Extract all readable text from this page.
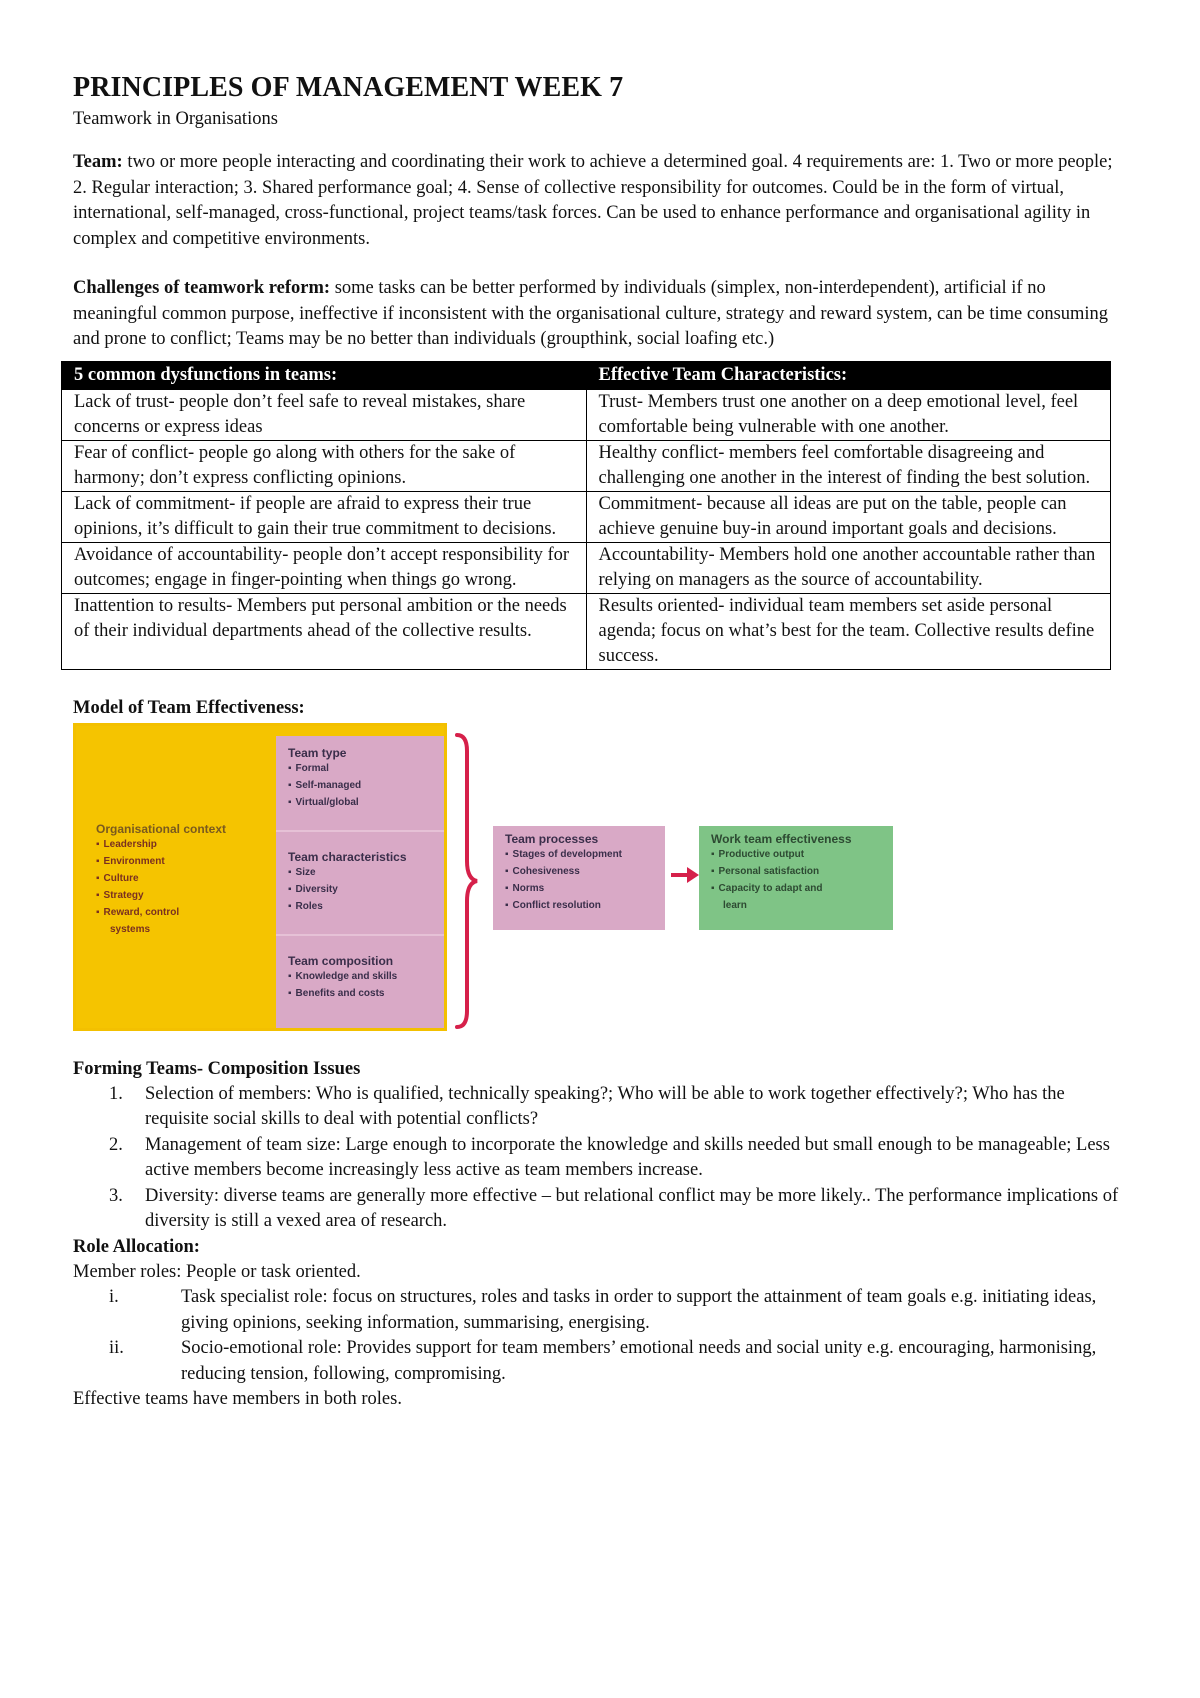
PRINCIPLES OF MANAGEMENT WEEK 7
Teamwork in Organisations

Team: two or more people interacting and coordinating their work to achieve a determined goal. 4 requirements are: 1. Two or more people; 2. Regular interaction; 3. Shared performance goal; 4. Sense of collective responsibility for outcomes. Could be in the form of virtual, international, self-managed, cross-functional, project teams/task forces. Can be used to enhance performance and organisational agility in complex and competitive environments.

Challenges of teamwork reform: some tasks can be better performed by individuals (simplex, non-interdependent), artificial if no meaningful common purpose, ineffective if inconsistent with the organisational culture, strategy and reward system, can be time consuming and prone to conflict; Teams may be no better than individuals (groupthink, social loafing etc.)

5 common dysfunctions in teams:	Effective Team Characteristics:
Lack of trust- people don’t feel safe to reveal mistakes, share concerns or express ideas	Trust- Members trust one another on a deep emotional level, feel comfortable being vulnerable with one another.
Fear of conflict- people go along with others for the sake of harmony; don’t express conflicting opinions.	Healthy conflict- members feel comfortable disagreeing and challenging one another in the interest of finding the best solution.
Lack of commitment- if people are afraid to express their true opinions, it’s difficult to gain their true commitment to decisions.	Commitment- because all ideas are put on the table, people can achieve genuine buy-in around important goals and decisions.
Avoidance of accountability- people don’t accept responsibility for outcomes; engage in finger-pointing when things go wrong.	Accountability- Members hold one another accountable rather than relying on managers as the source of accountability.
Inattention to results- Members put personal ambition or the needs of their individual departments ahead of the collective results.	Results oriented- individual team members set aside personal agenda; focus on what’s best for the team. Collective results define success.
Model of Team Effectiveness:
Organisational context
▪ Leadership
▪ Environment
▪ Culture
▪ Strategy
▪ Reward, control
systems
Team type
▪ Formal
▪ Self-managed
▪ Virtual/global
Team characteristics
▪ Size
▪ Diversity
▪ Roles
Team composition
▪ Knowledge and skills
▪ Benefits and costs
Team processes
▪ Stages of development
▪ Cohesiveness
▪ Norms
▪ Conflict resolution
Work team effectiveness
▪ Productive output
▪ Personal satisfaction
▪ Capacity to adapt and
learn
Forming Teams- Composition Issues
1. Selection of members: Who is qualified, technically speaking?; Who will be able to work together effectively?; Who has the requisite social skills to deal with potential conflicts?
2. Management of team size: Large enough to incorporate the knowledge and skills needed but small enough to be manageable; Less active members become increasingly less active as team members increase.
3. Diversity: diverse teams are generally more effective – but relational conflict may be more likely.. The performance implications of diversity is still a vexed area of research.
Role Allocation:

Member roles: People or task oriented.

i.	Task specialist role: focus on structures, roles and tasks in order to support the attainment of team goals e.g. initiating ideas, giving opinions, seeking information, summarising, energising.
ii.	Socio-emotional role: Provides support for team members’ emotional needs and social unity e.g. encouraging, harmonising, reducing tension, following, compromising.

Effective teams have members in both roles.
